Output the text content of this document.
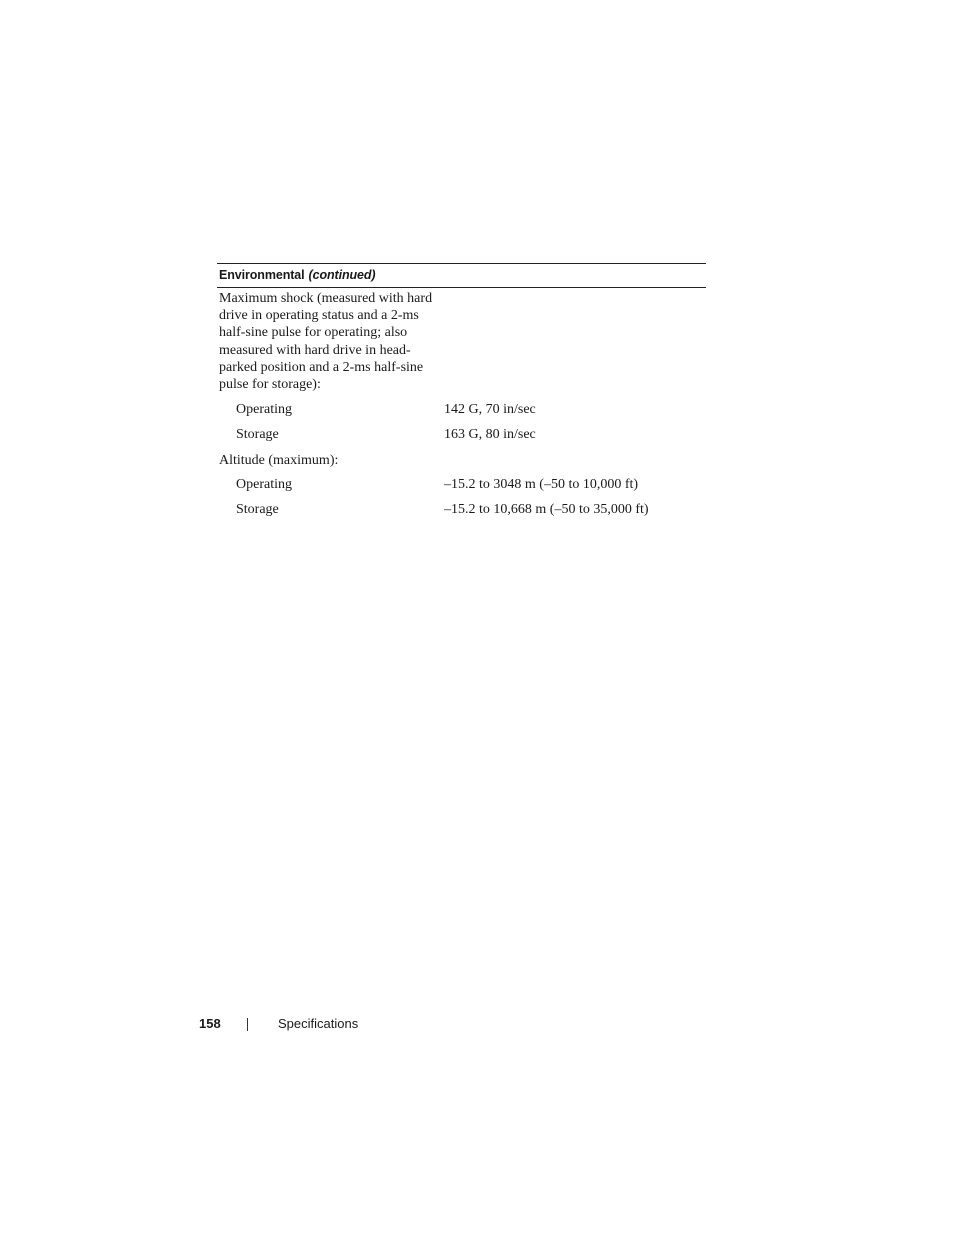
Environmental (continued)
Maximum shock (measured with hard drive in operating status and a 2-ms half-sine pulse for operating; also measured with hard drive in head-parked position and a 2-ms half-sine pulse for storage):
Operating	142 G, 70 in/sec
Storage	163 G, 80 in/sec
Altitude (maximum):
Operating	–15.2 to 3048 m (–50 to 10,000 ft)
Storage	–15.2 to 10,668 m (–50 to 35,000 ft)
158	Specifications
